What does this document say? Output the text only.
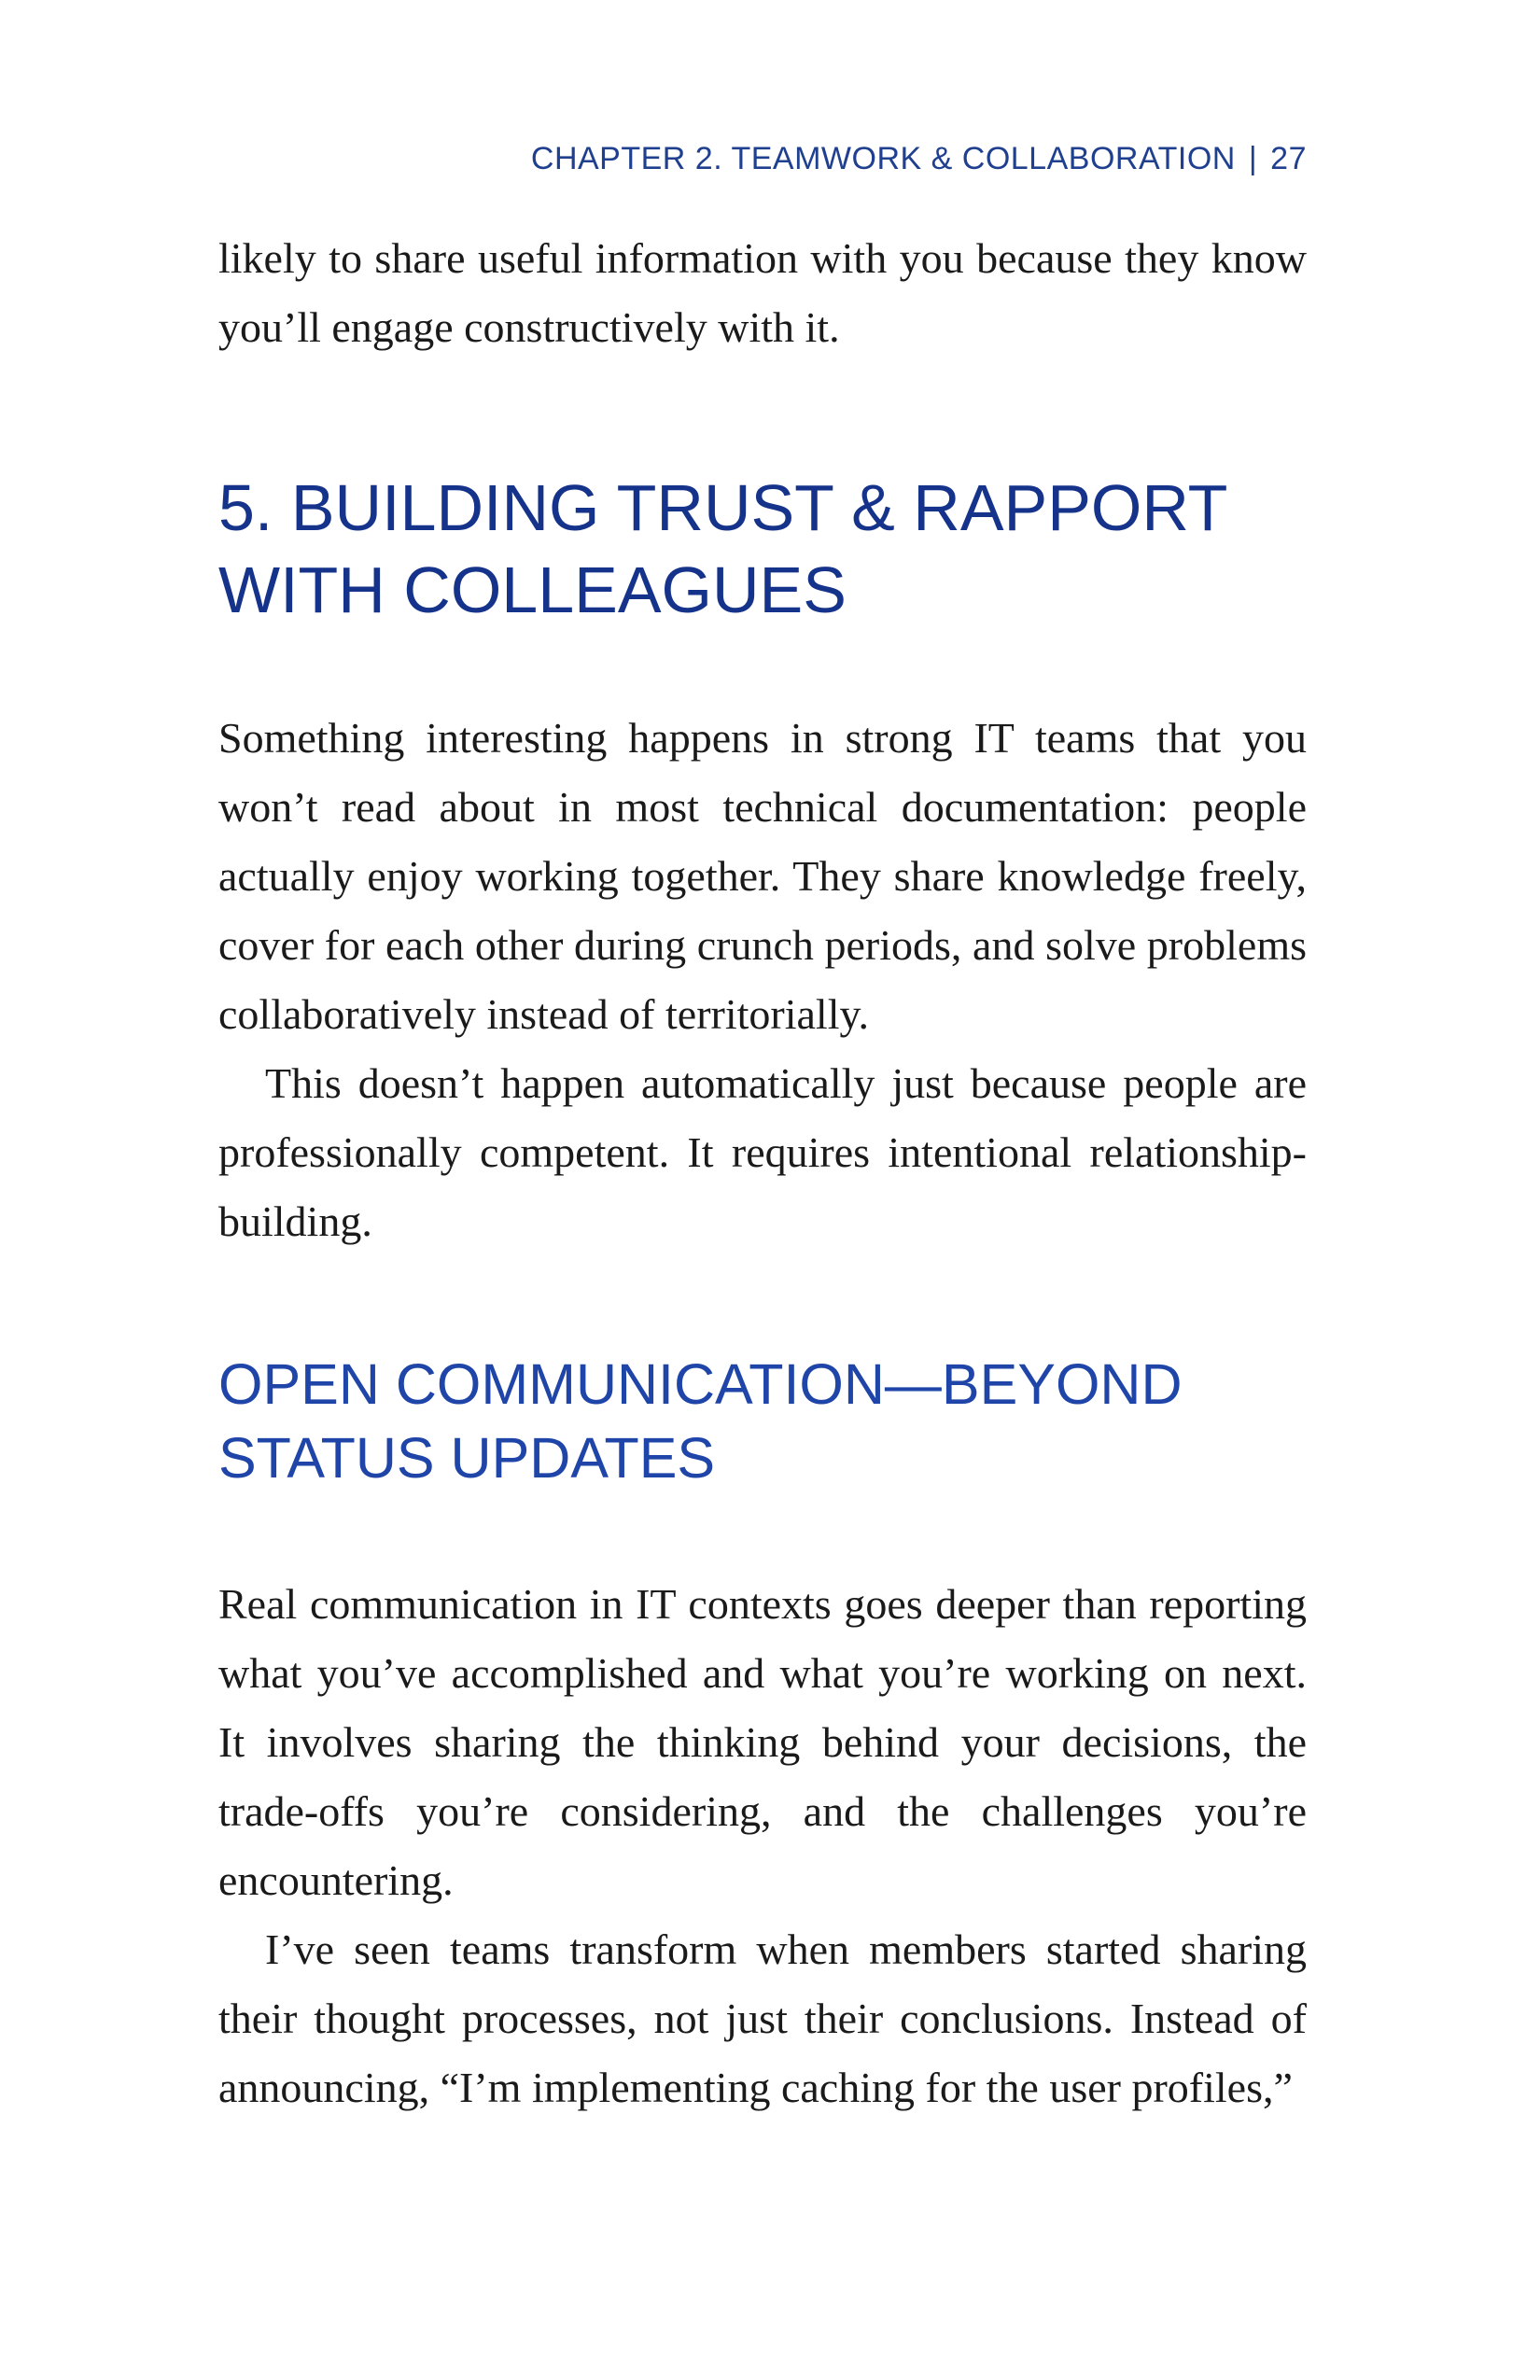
CHAPTER 2. TEAMWORK & COLLABORATION | 27

likely to share useful information with you because they know you’ll engage constructively with it.

5. BUILDING TRUST & RAPPORT WITH COLLEAGUES

Something interesting happens in strong IT teams that you won’t read about in most technical documentation: people actually enjoy working together. They share knowledge freely, cover for each other during crunch periods, and solve problems collaboratively instead of territorially.

This doesn’t happen automatically just because people are professionally competent. It requires intentional relationship-building.

OPEN COMMUNICATION—BEYOND STATUS UPDATES

Real communication in IT contexts goes deeper than reporting what you’ve accomplished and what you’re working on next. It involves sharing the thinking behind your decisions, the trade-offs you’re considering, and the challenges you’re encountering.

I’ve seen teams transform when members started sharing their thought processes, not just their conclusions. Instead of announcing, “I’m implementing caching for the user profiles,”
